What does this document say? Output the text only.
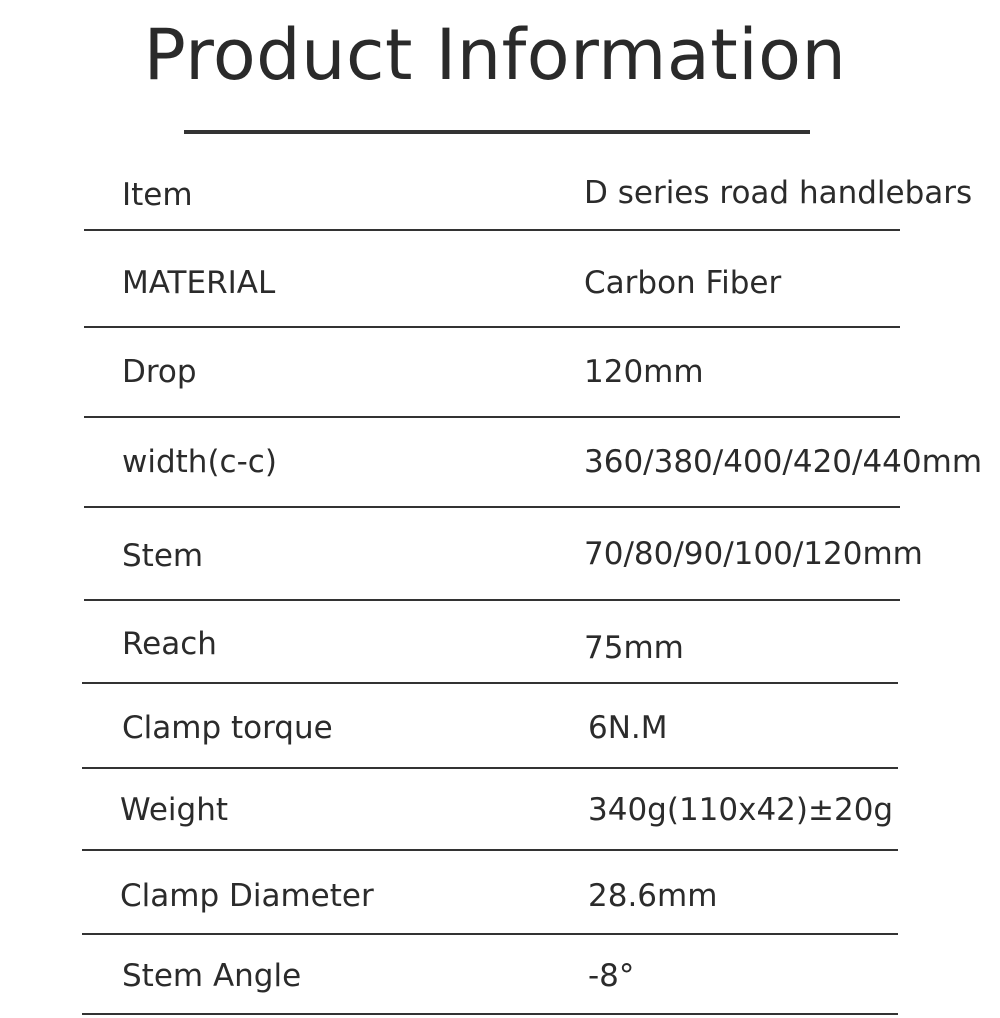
Product Information
Item	D series road handlebars
MATERIAL	Carbon Fiber
Drop	120mm
width(c-c)	360/380/400/420/440mm
Stem	70/80/90/100/120mm
Reach	75mm
Clamp torque	6N.M
Weight	340g(110x42)±20g
Clamp Diameter	28.6mm
Stem Angle	-8°
